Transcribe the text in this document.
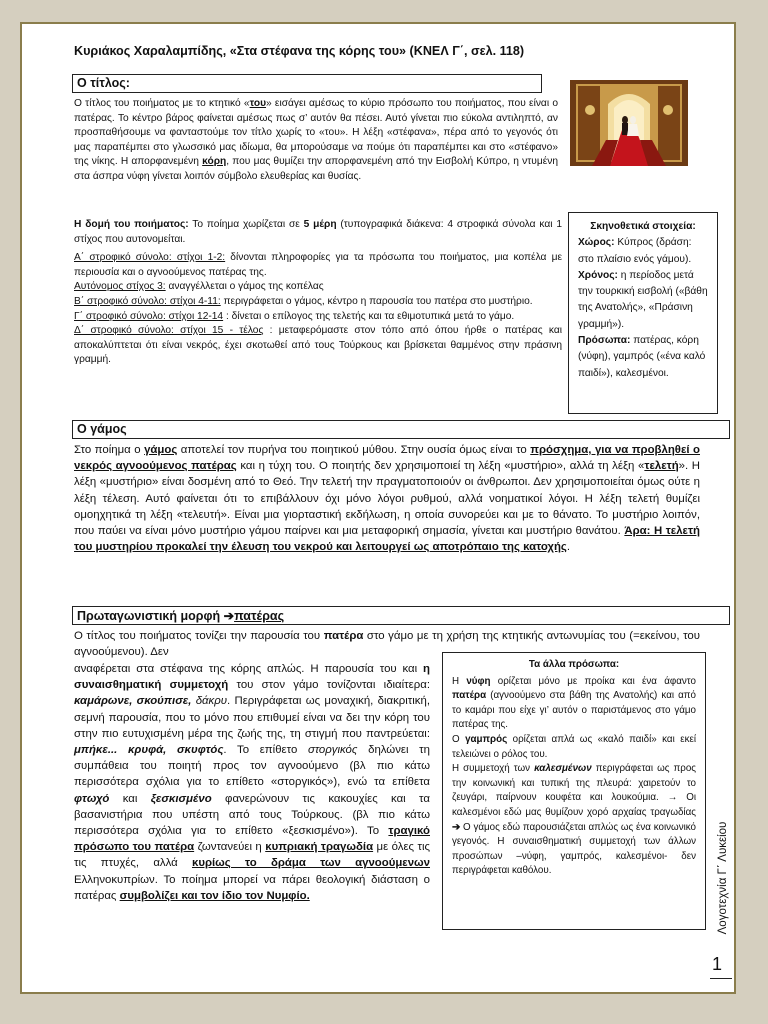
Κυριάκος Χαραλαμπίδης, «Στα στέφανα της κόρης του» (ΚΝΕΛ Γ΄, σελ. 118)
Ο τίτλος:

Ο τίτλος του ποιήματος με το κτητικό «του» εισάγει αμέσως το κύριο πρόσωπο του ποιήματος, που είναι ο πατέρας. Το κέντρο βάρος φαίνεται αμέσως πως σ’ αυτόν θα πέσει. Αυτό γίνεται πιο εύκολα αντιληπτό, αν προσπαθήσουμε να φανταστούμε τον τίτλο χωρίς το «του». Η λέξη «στέφανα», πέρα από το γεγονός ότι μας παραπέμπει στο γλωσσικό μας ιδίωμα, θα μπορούσαμε να πούμε ότι παραπέμπει και στο «στέφανο» της νίκης. Η απορφανεμένη κόρη, που μας θυμίζει την απορφανεμένη από την Εισβολή Κύπρο, η ντυμένη στα άσπρα νύφη γίνεται λοιπόν σύμβολο ελευθερίας και θυσίας.

Η δομή του ποιήματος: Το ποίημα χωρίζεται σε 5 μέρη (τυπογραφικά διάκενα: 4 στροφικά σύνολα και 1 στίχος που αυτονομείται.

Α΄ στροφικό σύνολο: στίχοι 1-2: δίνονται πληροφορίες για τα πρόσωπα του ποιήματος, μια κοπέλα με περιουσία και ο αγνοούμενος πατέρας της.

Αυτόνομος στίχος 3: αναγγέλλεται ο γάμος της κοπέλας

Β΄ στροφικό σύνολο: στίχοι 4-11: περιγράφεται ο γάμος, κέντρο η παρουσία του πατέρα στο μυστήριο.

Γ΄ στροφικό σύνολο: στίχοι 12-14 : δίνεται ο επίλογος της τελετής και τα εθιμοτυπικά μετά το γάμο.

Δ΄ στροφικό σύνολο: στίχοι 15 - τέλος : μεταφερόμαστε στον τόπο από όπου ήρθε ο πατέρας και αποκαλύπτεται ότι είναι νεκρός, έχει σκοτωθεί από τους Τούρκους και βρίσκεται θαμμένος στην πράσινη γραμμή.

Σκηνοθετικά στοιχεία:

Χώρος: Κύπρος (δράση: στο πλαίσιο ενός γάμου).

Χρόνος: η περίοδος μετά την τουρκική εισβολή («βάθη της Ανατολής», «Πράσινη γραμμή»).

Πρόσωπα: πατέρας, κόρη (νύφη), γαμπρός («ένα καλό παιδί»), καλεσμένοι.

Ο γάμος

Στο ποίημα ο γάμος αποτελεί τον πυρήνα του ποιητικού μύθου. Στην ουσία όμως είναι το πρόσχημα, για να προβληθεί ο νεκρός αγνοούμενος πατέρας και η τύχη του. Ο ποιητής δεν χρησιμοποιεί τη λέξη «μυστήριο», αλλά τη λέξη «τελετή». Η λέξη «μυστήριο» είναι δοσμένη από το Θεό. Την τελετή την πραγματοποιούν οι άνθρωποι. Δεν χρησιμοποιείται όμως ούτε η λέξη τέλεση. Αυτό φαίνεται ότι το επιβάλλουν όχι μόνο λόγοι ρυθμού, αλλά νοηματικοί λόγοι. Η λέξη τελετή θυμίζει ομοηχητικά τη λέξη «τελευτή». Είναι μια γιορταστική εκδήλωση, η οποία συνορεύει και με το θάνατο. Το μυστήριο λοιπόν, που παύει να είναι μόνο μυστήριο γάμου παίρνει και μια μεταφορική σημασία, γίνεται και μυστήριο θανάτου. Άρα: Η τελετή του μυστηρίου προκαλεί την έλευση του νεκρού και λειτουργεί ως αποτρόπαιο της κατοχής.

Πρωταγωνιστική μορφή ➔πατέρας

Ο τίτλος του ποιήματος τονίζει την παρουσία του πατέρα στο γάμο με τη χρήση της κτητικής αντωνυμίας του (=εκείνου, του αγνοούμενου). Δεν

αναφέρεται στα στέφανα της κόρης απλώς. Η παρουσία του και η συναισθηματική συμμετοχή του στον γάμο τονίζονται ιδιαίτερα: καμάρωνε, σκούπισε, δάκρυ. Περιγράφεται ως μοναχική, διακριτική, σεμνή παρουσία, που το μόνο που επιθυμεί είναι να δει την κόρη του στην πιο ευτυχισμένη μέρα της ζωής της, τη στιγμή που παντρεύεται: μπήκε... κρυφά, σκυφτός. Το επίθετο στοργικός δηλώνει τη συμπάθεια του ποιητή προς τον αγνοούμενο (βλ πιο κάτω περισσότερα σχόλια για το επίθετο «στοργικός»), ενώ τα επίθετα φτωχό και ξεσκισμένο φανερώνουν τις κακουχίες και τα βασανιστήρια που υπέστη από τους Τούρκους. (βλ πιο κάτω περισσότερα σχόλια για το επίθετο «ξεσκισμένο»). Το τραγικό πρόσωπο του πατέρα ζωντανεύει η κυπριακή τραγωδία με όλες τις τις πτυχές, αλλά κυρίως το δράμα των αγνοούμενων Ελληνοκυπρίων. Το ποίημα μπορεί να πάρει θεολογική διάσταση ο πατέρας συμβολίζει και τον ίδιο τον Νυμφίο.

Τα άλλα πρόσωπα:

Η νύφη ορίζεται μόνο με προίκα και ένα άφαντο πατέρα (αγνοούμενο στα βάθη της Ανατολής) και από το καμάρι που είχε γι’ αυτόν ο παριστάμενος στο γάμο πατέρας της.

Ο γαμπρός ορίζεται απλά ως «καλό παιδί» και εκεί τελειώνει ο ρόλος του.

Η συμμετοχή των καλεσμένων περιγράφεται ως προς την κοινωνική και τυπική της πλευρά: χαιρετούν το ζευγάρι, παίρνουν κουφέτα και λουκούμια. → Οι καλεσμένοι εδώ μας θυμίζουν χορό αρχαίας τραγωδίας ➔ Ο γάμος εδώ παρουσιάζεται απλώς ως ένα κοινωνικό γεγονός. Η συναισθηματική συμμετοχή των άλλων προσώπων –νύφη, γαμπρός, καλεσμένοι- δεν περιγράφεται καθόλου.	Λογοτεχνία Γ΄ Λυκείου
1
